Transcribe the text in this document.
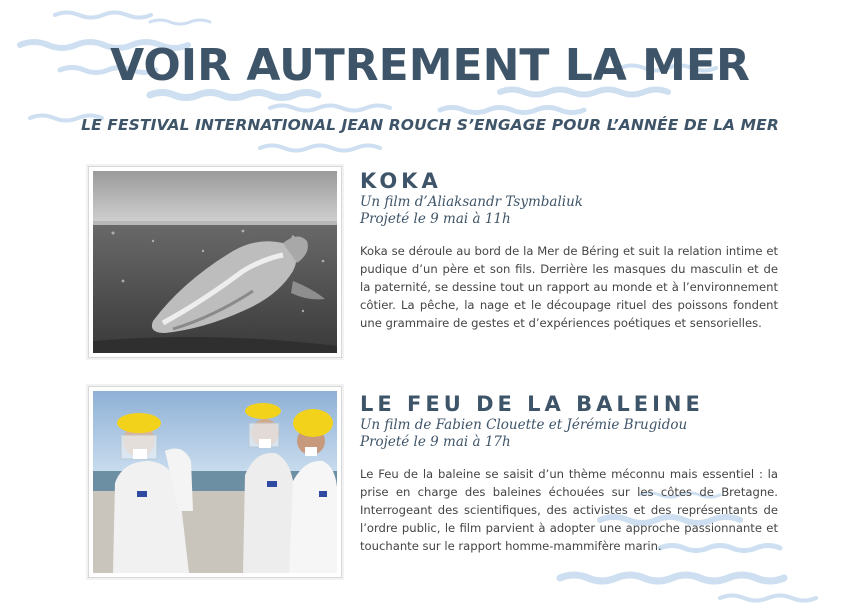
VOIR AUTREMENT LA MER

LE FESTIVAL INTERNATIONAL JEAN ROUCH S’ENGAGE POUR L’ANNÉE DE LA MER

KOKA

Un film d’Aliaksandr Tsymbaliuk

Projeté le 9 mai à 11h

Koka se déroule au bord de la Mer de Béring et suit la relation intime et pudique d’un père et son fils. Derrière les masques du masculin et de la paternité, se dessine tout un rapport au monde et à l’environnement côtier. La pêche, la nage et le découpage rituel des poissons fondent une grammaire de gestes et d’expériences poétiques et sensorielles.

LE FEU DE LA BALEINE

Un film de Fabien Clouette et Jérémie Brugidou

Projeté le 9 mai à 17h

Le Feu de la baleine se saisit d’un thème méconnu mais essentiel : la prise en charge des baleines échouées sur les côtes de Bretagne. Interrogeant des scientifiques, des activistes et des représentants de l’ordre public, le film parvient à adopter une approche passionnante et touchante sur le rapport homme-mammifère marin.
